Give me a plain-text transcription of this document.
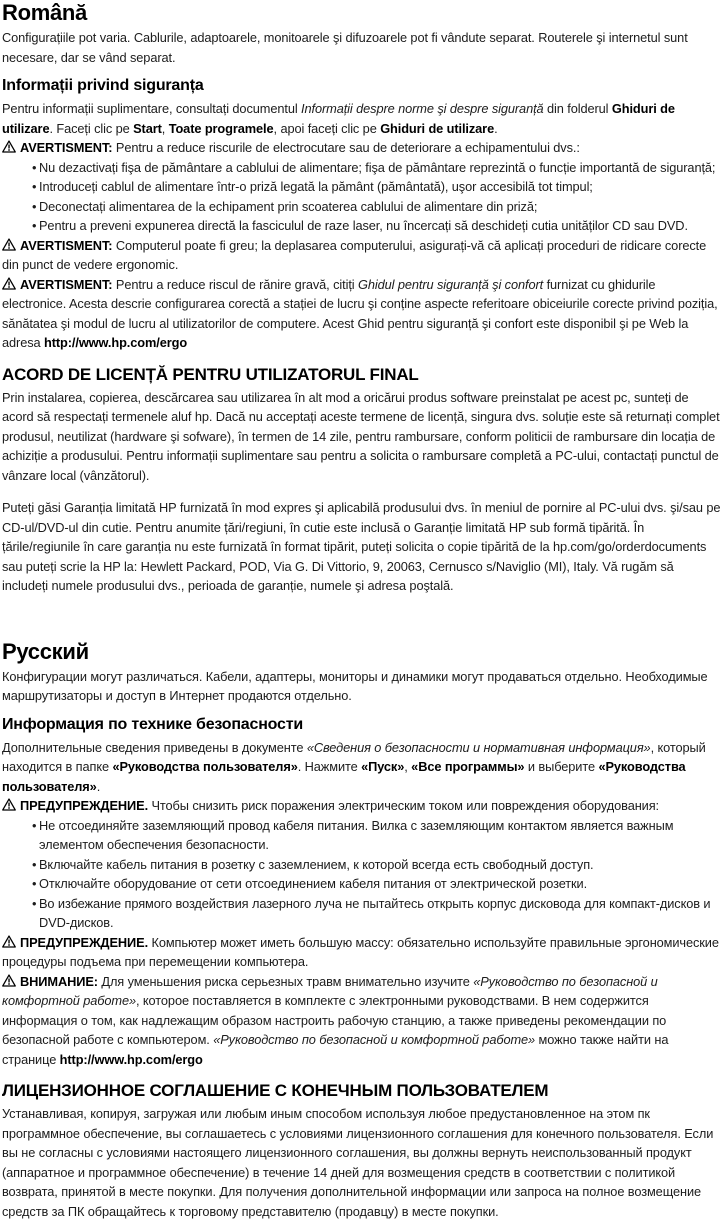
Română

Configurațiile pot varia. Cablurile, adaptoarele, monitoarele şi difuzoarele pot fi vândute separat. Routerele şi internetul sunt necesare, dar se vând separat.

Informații privind siguranța

Pentru informații suplimentare, consultați documentul Informații despre norme şi despre siguranță din folderul Ghiduri de utilizare. Faceți clic pe Start, Toate programele, apoi faceți clic pe Ghiduri de utilizare.

AVERTISMENT: Pentru a reduce riscurile de electrocutare sau de deteriorare a echipamentului dvs.:

• Nu dezactivați fişa de pământare a cablului de alimentare; fişa de pământare reprezintă o funcție importantă de siguranță;
• Introduceți cablul de alimentare într-o priză legată la pământ (pământată), uşor accesibilă tot timpul;
• Deconectați alimentarea de la echipament prin scoaterea cablului de alimentare din priză;
• Pentru a preveni expunerea directă la fasciculul de raze laser, nu încercați să deschideți cutia unităților CD sau DVD.

AVERTISMENT: Computerul poate fi greu; la deplasarea computerului, asigurați-vă că aplicați proceduri de ridicare corecte din punct de vedere ergonomic.

AVERTISMENT: Pentru a reduce riscul de rănire gravă, citiți Ghidul pentru siguranță şi confort furnizat cu ghidurile electronice. Acesta descrie configurarea corectă a stației de lucru şi conține aspecte referitoare obiceiurile corecte privind poziția, sănătatea şi modul de lucru al utilizatorilor de computere. Acest Ghid pentru siguranță şi confort este disponibil şi pe Web la adresa http://www.hp.com/ergo

ACORD DE LICENȚĂ PENTRU UTILIZATORUL FINAL

Prin instalarea, copierea, descărcarea sau utilizarea în alt mod a oricărui produs software preinstalat pe acest pc, sunteți de acord să respectați termenele aluf hp. Dacă nu acceptați aceste termene de licență, singura dvs. soluție este să returnați complet produsul, neutilizat (hardware şi sofware), în termen de 14 zile, pentru rambursare, conform politicii de rambursare din locația de achiziție a produsului. Pentru informații suplimentare sau pentru a solicita o rambursare completă a PC-ului, contactați punctul de vânzare local (vânzătorul).

Puteți găsi Garanția limitată HP furnizată în mod expres şi aplicabilă produsului dvs. în meniul de pornire al PC-ului dvs. şi/sau pe CD-ul/DVD-ul din cutie. Pentru anumite țări/regiuni, în cutie este inclusă o Garanție limitată HP sub formă tipărită. În țările/regiunile în care garanția nu este furnizată în format tipărit, puteți solicita o copie tipărită de la hp.com/go/orderdocuments sau puteți scrie la HP la: Hewlett Packard, POD, Via G. Di Vittorio, 9, 20063, Cernusco s/Naviglio (MI), Italy. Vă rugăm să includeți numele produsului dvs., perioada de garanție, numele şi adresa poştală.

Русский

Конфигурации могут различаться. Кабели, адаптеры, мониторы и динамики могут продаваться отдельно. Необходимые маршрутизаторы и доступ в Интернет продаются отдельно.

Информация по технике безопасности

Дополнительные сведения приведены в документе «Сведения о безопасности и нормативная информация», который находится в папке «Руководства пользователя». Нажмите «Пуск», «Все программы» и выберите «Руководства пользователя».

ПРЕДУПРЕЖДЕНИЕ. Чтобы снизить риск поражения электрическим током или повреждения оборудования:

• Не отсоединяйте заземляющий провод кабеля питания. Вилка с заземляющим контактом является важным элементом обеспечения безопасности.
• Включайте кабель питания в розетку с заземлением, к которой всегда есть свободный доступ.
• Отключайте оборудование от сети отсоединением кабеля питания от электрической розетки.
• Во избежание прямого воздействия лазерного луча не пытайтесь открыть корпус дисковода для компакт-дисков и DVD-дисков.

ПРЕДУПРЕЖДЕНИЕ. Компьютер может иметь большую массу: обязательно используйте правильные эргономические процедуры подъема при перемещении компьютера.

ВНИМАНИЕ: Для уменьшения риска серьезных травм внимательно изучите «Руководство по безопасной и комфортной работе», которое поставляется в комплекте с электронными руководствами. В нем содержится информация о том, как надлежащим образом настроить рабочую станцию, а также приведены рекомендации по безопасной работе с компьютером. «Руководство по безопасной и комфортной работе» можно также найти на странице http://www.hp.com/ergo

ЛИЦЕНЗИОННОЕ СОГЛАШЕНИЕ С КОНЕЧНЫМ ПОЛЬЗОВАТЕЛЕМ

Устанавливая, копируя, загружая или любым иным способом используя любое предустановленное на этом пк программное обеспечение, вы соглашаетесь с условиями лицензионного соглашения для конечного пользователя. Если вы не согласны с условиями настоящего лицензионного соглашения, вы должны вернуть неиспользованный продукт (аппаратное и программное обеспечение) в течение 14 дней для возмещения средств в соответствии с политикой возврата, принятой в месте покупки. Для получения дополнительной информации или запроса на полное возмещение средств за ПК обращайтесь к торговому представителю (продавцу) в месте покупки.
